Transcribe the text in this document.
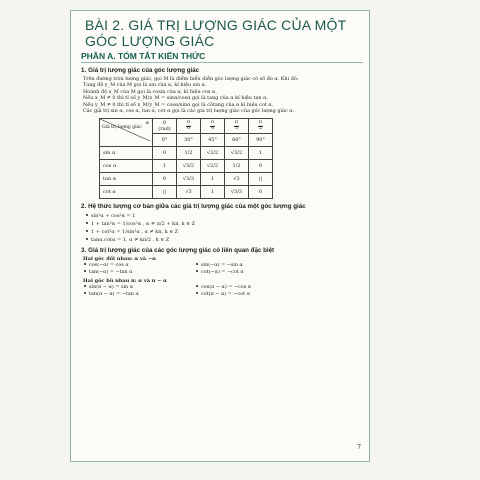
BÀI 2. GIÁ TRỊ LƯỢNG GIÁC CỦA MỘT GÓC LƯỢNG GIÁC
PHẦN A. TÓM TẮT KIẾN THỨC
1. Giá trị lượng giác của góc lượng giác
Trên đường tròn lượng giác, gọi M là điểm biểu diễn góc lượng giác có số đo α. Khi đó:
Tung độ y_M của M gọi là sin của α, kí hiệu sin α.
Hoành độ x_M của M gọi là cosin của α, kí hiệu cos α.
Nếu x_M ≠ 0 thì tỉ số y_M/x_M = sinα/cosα gọi là tang của α kí hiệu tan α.
Nếu y_M ≠ 0 thì tỉ số x_M/y_M = cosα/sinα gọi là côtang của α kí hiệu cot α.
Các giá trị sin α, cos α, tan α, cot α gọi là các giá trị lượng giác của góc lượng giác α.
α
Giá trị lượng giác	0 (rad)	$\frac{\pi}{6}$	$\frac{\pi}{4}$	$\frac{\pi}{3}$	$\frac{\pi}{2}$

	0°	30°	45°	60°	90°
sin α	0	1/2	√2/2	√3/2	1
cos α	1	√3/2	√2/2	1/2	0
tan α	0	√3/3	1	√3	||
cot α	||	√3	1	√3/3	0
2. Hệ thức lượng cơ bản giữa các giá trị lượng giác của một góc lượng giác
sin²α + cos²α = 1
1 + tan²α = 1/cos²α , α ≠ π/2 + kπ, k ∈ Z
1 + cot²α = 1/sin²α , α ≠ kπ, k ∈ Z
tanα.cotα = 1, α ≠ kπ/2 , k ∈ Z
3. Giá trị lượng giác của các góc lượng giác có liên quan đặc biệt
Hai góc đối nhau: α và −α
cos(−α) = cos α	sin(−α) = −sin α
tan(−α) = −tan α	cot(−α) = −cot α
Hai góc bù nhau π: α và π − α
sin(π − α) = sin α	cos(π − α) = −cos α
tan(π − α) = −tan α	cot(π − α) = −cot α
7
